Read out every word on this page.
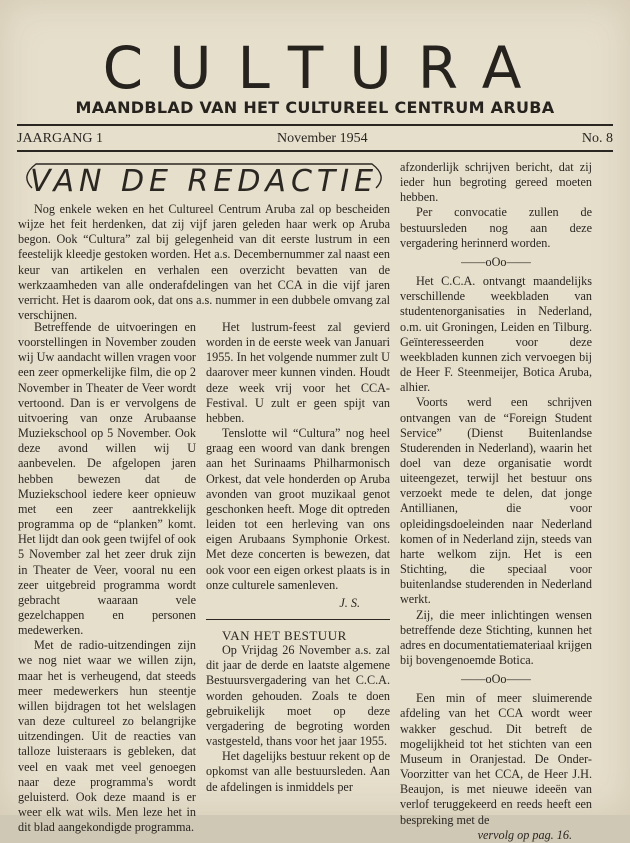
CULTURA
MAANDBLAD VAN HET CULTUREEL CENTRUM ARUBA
JAARGANG 1	November 1954	No. 8
VAN DE REDACTIE

Nog enkele weken en het Cultureel Centrum Aruba zal op bescheiden wijze het feit herdenken, dat zij vijf jaren geleden haar werk op Aruba begon. Ook “Cultura” zal bij gelegenheid van dit eerste lustrum in een feestelijk kleedje gestoken worden. Het a.s. Decembernummer zal naast een keur van artikelen en verhalen een overzicht bevatten van de werkzaamheden van alle onderafdelingen van het CCA in die vijf jaren verricht. Het is daarom ook, dat ons a.s. nummer in een dubbele omvang zal verschijnen.

Betreffende de uitvoeringen en voorstellingen in November zouden wij Uw aandacht willen vragen voor een zeer opmerkelijke film, die op 2 November in Theater de Veer wordt vertoond. Dan is er vervolgens de uitvoering van onze Arubaanse Muziekschool op 5 November. Ook deze avond willen wij U aanbevelen. De afgelopen jaren hebben bewezen dat de Muziekschool iedere keer opnieuw met een zeer aantrekkelijk programma op de “planken” komt. Het lijdt dan ook geen twijfel of ook 5 November zal het zeer druk zijn in Theater de Veer, vooral nu een zeer uitgebreid programma wordt gebracht waaraan vele gezelchappen en personen medewerken.

Met de radio-uitzendingen zijn we nog niet waar we willen zijn, maar het is verheugend, dat steeds meer medewerkers hun steentje willen bijdragen tot het welslagen van deze cultureel zo belangrijke uitzendingen. Uit de reacties van talloze luisteraars is gebleken, dat veel en vaak met veel genoegen naar deze programma's wordt geluisterd. Ook deze maand is er weer elk wat wils. Men leze het in dit blad aangekondigde programma.

Het lustrum-feest zal gevierd worden in de eerste week van Januari 1955. In het volgende nummer zult U daarover meer kunnen vinden. Houdt deze week vrij voor het CCA-Festival. U zult er geen spijt van hebben.

Tenslotte wil “Cultura” nog heel graag een woord van dank brengen aan het Surinaams Philharmonisch Orkest, dat vele honderden op Aruba avonden van groot muzikaal genot geschonken heeft. Moge dit optreden leiden tot een herleving van ons eigen Arubaans Symphonie Orkest. Met deze concerten is bewezen, dat ook voor een eigen orkest plaats is in onze culturele samenleven.

J. S.

VAN HET BESTUUR

Op Vrijdag 26 November a.s. zal dit jaar de derde en laatste algemene Bestuursvergadering van het C.C.A. worden gehouden. Zoals te doen gebruikelijk moet op deze vergadering de begroting worden vastgesteld, thans voor het jaar 1955.

Het dagelijks bestuur rekent op de opkomst van alle bestuursleden. Aan de afdelingen is inmiddels per

afzonderlijk schrijven bericht, dat zij ieder hun begroting gereed moeten hebben.

Per convocatie zullen de bestuursleden nog aan deze vergadering herinnerd worden.

——oOo——

Het C.C.A. ontvangt maandelijks verschillende weekbladen van studentenorganisaties in Nederland, o.m. uit Groningen, Leiden en Tilburg. Geïnteresseerden voor deze weekbladen kunnen zich vervoegen bij de Heer F. Steenmeijer, Botica Aruba, alhier.

Voorts werd een schrijven ontvangen van de “Foreign Student Service” (Dienst Buitenlandse Studerenden in Nederland), waarin het doel van deze organisatie wordt uiteengezet, terwijl het bestuur ons verzoekt mede te delen, dat jonge Antillianen, die voor opleidingsdoeleinden naar Nederland komen of in Nederland zijn, steeds van harte welkom zijn. Het is een Stichting, die speciaal voor buitenlandse studerenden in Nederland werkt.

Zij, die meer inlichtingen wensen betreffende deze Stichting, kunnen het adres en documentatiemateriaal krijgen bij bovengenoemde Botica.

——oOo——

Een min of meer sluimerende afdeling van het CCA wordt weer wakker geschud. Dit betreft de mogelijkheid tot het stichten van een Museum in Oranjestad. De Onder-Voorzitter van het CCA, de Heer J.H. Beaujon, is met nieuwe ideeën van verlof teruggekeerd en reeds heeft een bespreking met de

vervolg op pag. 16.
